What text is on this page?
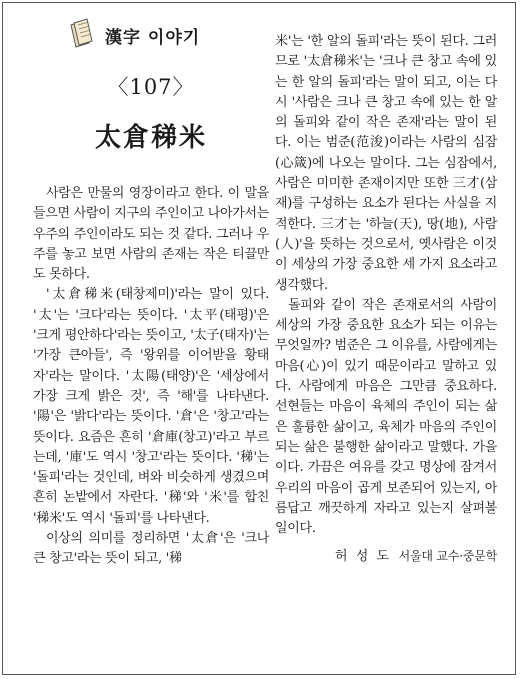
漢字 이야기
〈107〉
太倉稊米

사람은 만물의 영장이라고 한다. 이 말을 들으면 사람이 지구의 주인이고 나아가서는 우주의 주인이라도 되는 것 같다. 그러나 우주를 놓고 보면 사람의 존재는 작은 티끌만도 못하다.

'太倉稊米(태창제미)'라는 말이 있다. '太'는 '크다'라는 뜻이다. '太平(태평)'은 '크게 평안하다'라는 뜻이고, '太子(태자)'는 '가장 큰아들', 즉 '왕위를 이어받을 황태자'라는 말이다. '太陽(태양)'은 '세상에서 가장 크게 밝은 것', 즉 '해'를 나타낸다. '陽'은 '밝다'라는 뜻이다. '倉'은 '창고'라는 뜻이다. 요즘은 흔히 '倉庫(창고)'라고 부르는데, '庫'도 역시 '창고'라는 뜻이다. '稊'는 '돌피'라는 것인데, 벼와 비슷하게 생겼으며 흔히 논밭에서 자란다. '稊'와 '米'를 합친 '稊米'도 역시 '돌피'를 나타낸다.

이상의 의미를 정리하면 '太倉'은 '크나 큰 창고'라는 뜻이 되고, '稊

米'는 '한 알의 돌피'라는 뜻이 된다. 그러므로 '太倉稊米'는 '크나 큰 창고 속에 있는 한 알의 돌피'라는 말이 되고, 이는 다시 '사람은 크나 큰 창고 속에 있는 한 알의 돌피와 같이 작은 존재'라는 말이 된다. 이는 범준(范浚)이라는 사람의 심잠(心箴)에 나오는 말이다. 그는 심잠에서, 사람은 미미한 존재이지만 또한 三才(삼재)를 구성하는 요소가 된다는 사실을 지적한다. 三才는 '하늘(天), 땅(地), 사람(人)'을 뜻하는 것으로서, 옛사람은 이것이 세상의 가장 중요한 세 가지 요소라고 생각했다.

돌피와 같이 작은 존재로서의 사람이 세상의 가장 중요한 요소가 되는 이유는 무엇일까? 범준은 그 이유를, 사람에게는 마음(心)이 있기 때문이라고 말하고 있다. 사람에게 마음은 그만큼 중요하다. 선현들는 마음이 육체의 주인이 되는 삶은 훌륭한 삶이고, 육체가 마음의 주인이 되는 삶은 불행한 삶이라고 말했다. 가을이다. 가끔은 여유를 갖고 명상에 잠겨서 우리의 마음이 곱게 보존되어 있는지, 아름답고 깨끗하게 자라고 있는지 살펴볼 일이다.

허 성 도 서울대 교수·중문학
